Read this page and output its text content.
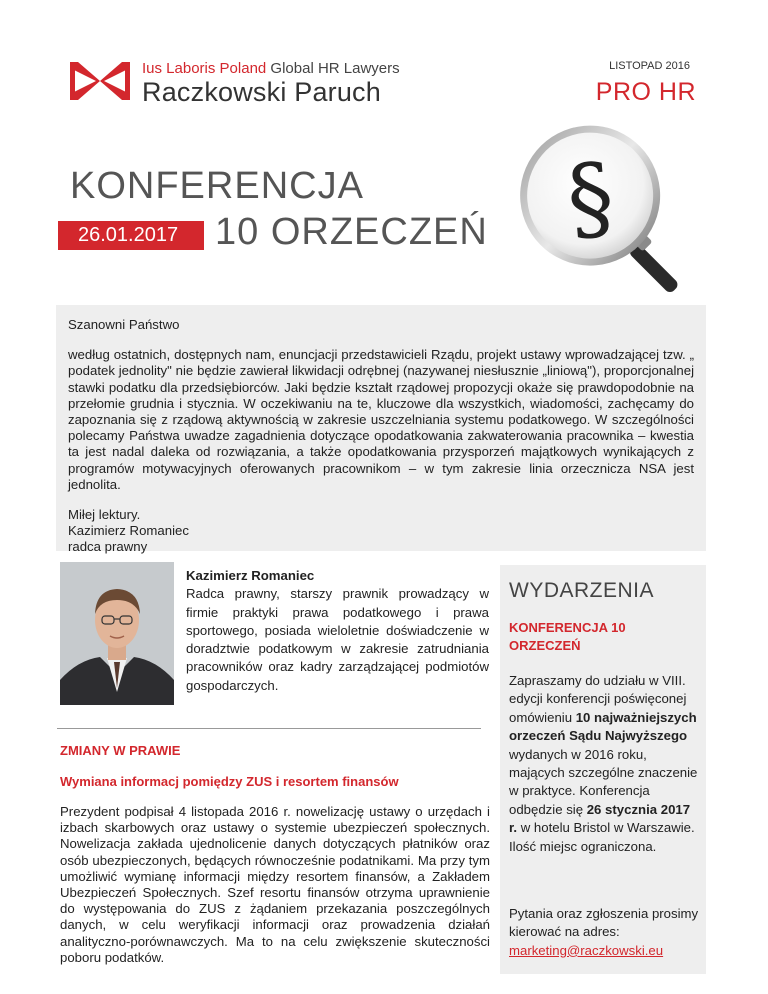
Ius Laboris Poland Global HR Lawyers
Raczkowski Paruch
LISTOPAD 2016
PRO HR
KONFERENCJA
26.01.2017 10 ORZECZEŃ §

Szanowni Państwo

według ostatnich, dostępnych nam, enuncjacji przedstawicieli Rządu, projekt ustawy wprowadzającej tzw. „ podatek jednolity" nie będzie zawierał likwidacji odrębnej (nazywanej niesłusznie „liniową"), proporcjonalnej stawki podatku dla przedsiębiorców. Jaki będzie kształt rządowej propozycji okaże się prawdopodobnie na przełomie grudnia i stycznia. W oczekiwaniu na te, kluczowe dla wszystkich, wiadomości, zachęcamy do zapoznania się z rządową aktywnością w zakresie uszczelniania systemu podatkowego. W szczególności polecamy Państwa uwadze zagadnienia dotyczące opodatkowania zakwaterowania pracownika – kwestia ta jest nadal daleka od rozwiązania, a także opodatkowania przysporzeń majątkowych wynikających z programów motywacyjnych oferowanych pracownikom – w tym zakresie linia orzecznicza NSA jest jednolita.

Miłej lektury.

Kazimierz Romaniec

radca prawny

Kazimierz Romaniec
Radca prawny, starszy prawnik prowadzący w firmie praktyki prawa podatkowego i prawa sportowego, posiada wieloletnie doświadczenie w doradztwie podatkowym w zakresie zatrudniania pracowników oraz kadry zarządzającej podmiotów gospodarczych.
ZMIANY W PRAWIE
Wymiana informacj pomiędzy ZUS i resortem finansów
Prezydent podpisał 4 listopada 2016 r. nowelizację ustawy o urzędach i izbach skarbowych oraz ustawy o systemie ubezpieczeń społecznych. Nowelizacja zakłada ujednolicenie danych dotyczących płatników oraz osób ubezpieczonych, będących równocześnie podatnikami. Ma przy tym umożliwić wymianę informacji między resortem finansów, a Zakładem Ubezpieczeń Społecznych. Szef resortu finansów otrzyma uprawnienie do występowania do ZUS z żądaniem przekazania poszczególnych danych, w celu weryfikacji informacji oraz prowadzenia działań analityczno-porównawczych. Ma to na celu zwiększenie skuteczności poboru podatków.
WYDARZENIA
KONFERENCJA 10 ORZECZEŃ
Zapraszamy do udziału w VIII. edycji konferencji poświęconej omówieniu 10 najważniejszych orzeczeń Sądu Najwyższego wydanych w 2016 roku, mających szczególne znaczenie w praktyce. Konferencja odbędzie się 26 stycznia 2017 r. w hotelu Bristol w Warszawie. Ilość miejsc ograniczona.
Pytania oraz zgłoszenia prosimy kierować na adres:
marketing@raczkowski.eu
